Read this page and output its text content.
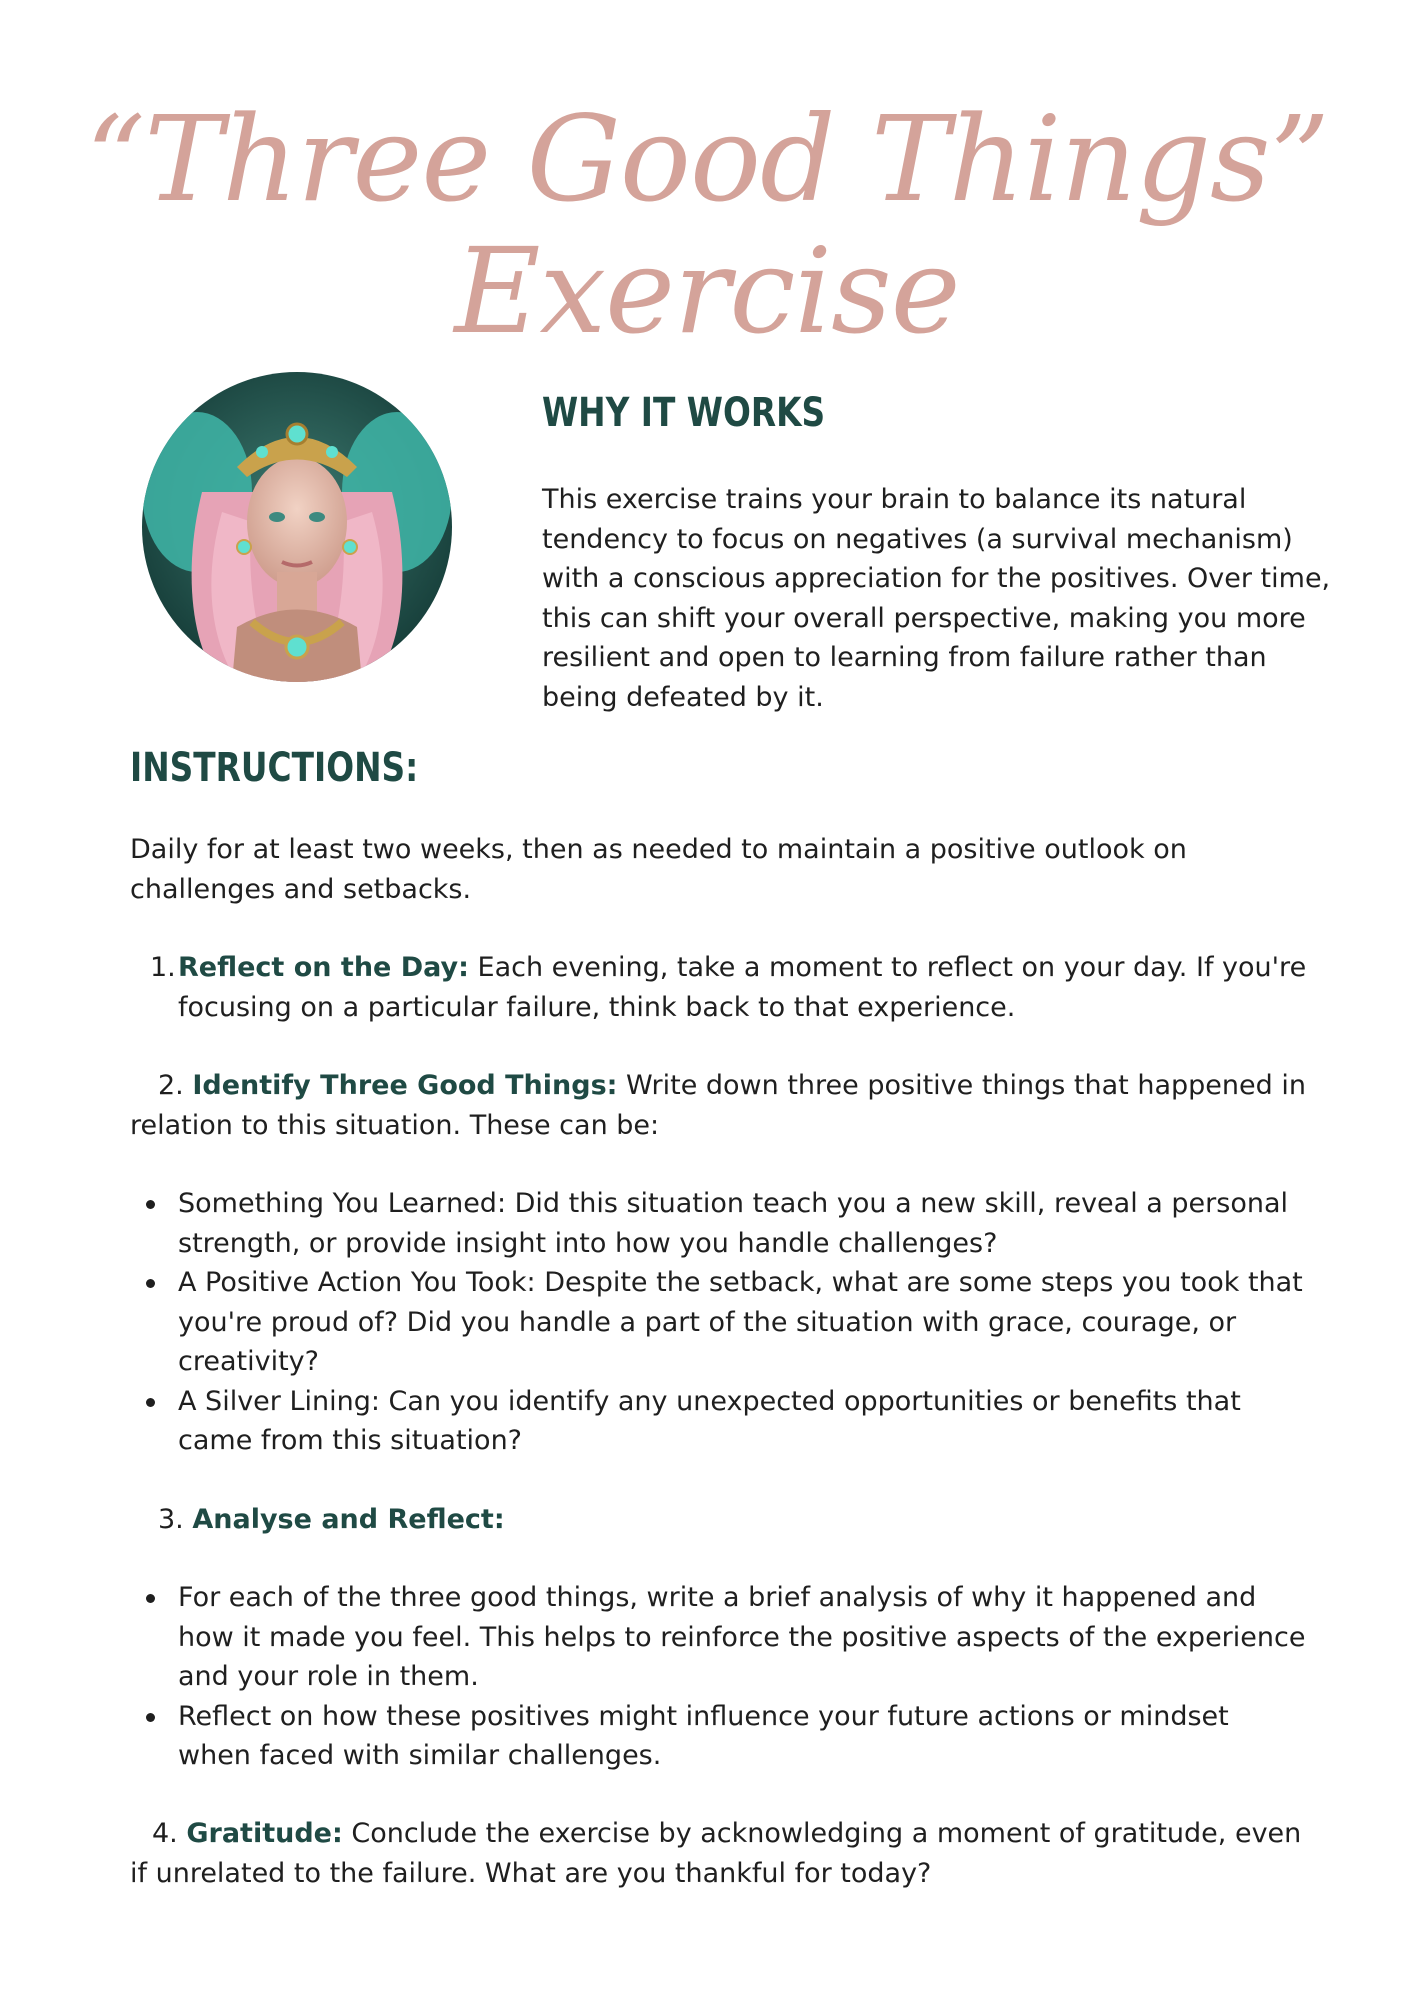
“Three Good Things”
Exercise
WHY IT WORKS

This exercise trains your brain to balance its natural tendency to focus on negatives (a survival mechanism) with a conscious appreciation for the positives. Over time, this can shift your overall perspective, making you more resilient and open to learning from failure rather than being defeated by it.

INSTRUCTIONS:

Daily for at least two weeks, then as needed to maintain a positive outlook on challenges and setbacks.

1. Reflect on the Day: Each evening, take a moment to reflect on your day. If you're focusing on a particular failure, think back to that experience.

2. Identify Three Good Things: Write down three positive things that happened in relation to this situation. These can be:

Something You Learned: Did this situation teach you a new skill, reveal a personal strength, or provide insight into how you handle challenges?
A Positive Action You Took: Despite the setback, what are some steps you took that you're proud of? Did you handle a part of the situation with grace, courage, or creativity?
A Silver Lining: Can you identify any unexpected opportunities or benefits that came from this situation?

3. Analyse and Reflect:

For each of the three good things, write a brief analysis of why it happened and how it made you feel. This helps to reinforce the positive aspects of the experience and your role in them.
Reflect on how these positives might influence your future actions or mindset when faced with similar challenges.

4. Gratitude: Conclude the exercise by acknowledging a moment of gratitude, even if unrelated to the failure. What are you thankful for today?
